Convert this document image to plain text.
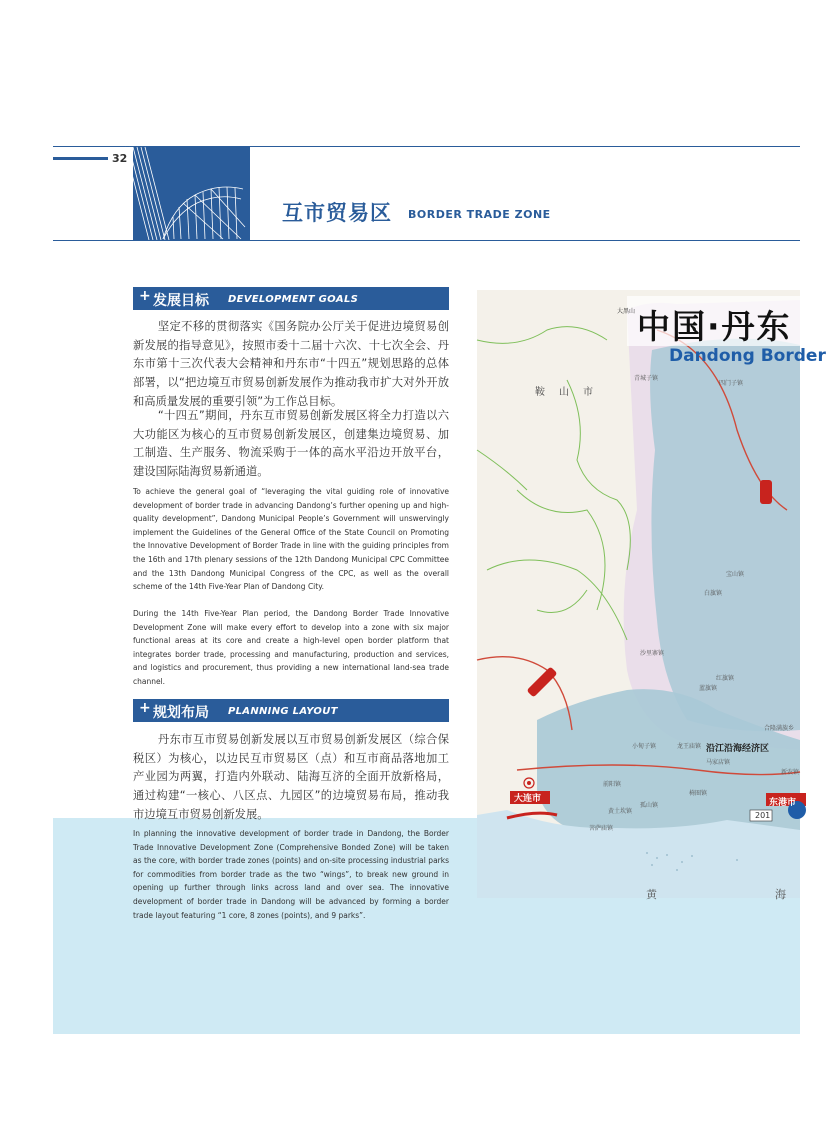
32
互市贸易区 BORDER TRADE ZONE
+ 发展目标 DEVELOPMENT GOALS

坚定不移的贯彻落实《国务院办公厅关于促进边境贸易创新发展的指导意见》，按照市委十二届十六次、十七次全会、丹东市第十三次代表大会精神和丹东市“十四五”规划思路的总体部署，以“把边境互市贸易创新发展作为推动我市扩大对外开放和高质量发展的重要引领”为工作总目标。

“十四五”期间，丹东互市贸易创新发展区将全力打造以六大功能区为核心的互市贸易创新发展区，创建集边境贸易、加工制造、生产服务、物流采购于一体的高水平沿边开放平台，建设国际陆海贸易新通道。

To achieve the general goal of “leveraging the vital guiding role of innovative development of border trade in advancing Dandong’s further opening up and high-quality development”, Dandong Municipal People’s Government will unswervingly implement the Guidelines of the General Office of the State Council on Promoting the Innovative Development of Border Trade in line with the guiding principles from the 16th and 17th plenary sessions of the 12th Dandong Municipal CPC Committee and the 13th Dandong Municipal Congress of the CPC, as well as the overall scheme of the 14th Five-Year Plan of Dandong City.

During the 14th Five-Year Plan period, the Dandong Border Trade Innovative Development Zone will make every effort to develop into a zone with six major functional areas at its core and create a high-level open border platform that integrates border trade, processing and manufacturing, production and services, and logistics and procurement, thus providing a new international land-sea trade channel.

+ 规划布局 PLANNING LAYOUT

丹东市互市贸易创新发展以互市贸易创新发展区（综合保税区）为核心，以边民互市贸易区（点）和互市商品落地加工产业园为两翼，打造内外联动、陆海互济的全面开放新格局，通过构建“一核心、八区点、九园区”的边境贸易布局，推动我市边境互市贸易创新发展。

In planning the innovative development of border trade in Dandong, the Border Trade Innovative Development Zone (Comprehensive Bonded Zone) will be taken as the core, with border trade zones (points) and on-site processing industrial parks for commodities from border trade as the two “wings”, to break new ground in opening up further through links across land and over sea. The innovative development of border trade in Dandong will be advanced by forming a border trade layout featuring “1 core, 8 zones (points), and 9 parks”.

大黑山 中国·丹东
Dandong Border
鞍山市
大连市	东港市
沿江沿海经济区
201
黄	海
青城子镇
四门子镇
宝山镇
白旗镇
沙里寨镇
红旗镇
蓝旗镇
龙王庙镇
合隆满族乡
马家店镇
前阳镇
椅圈镇
黄土坎镇
孤山镇
菩萨庙镇
新农镇
小甸子镇
